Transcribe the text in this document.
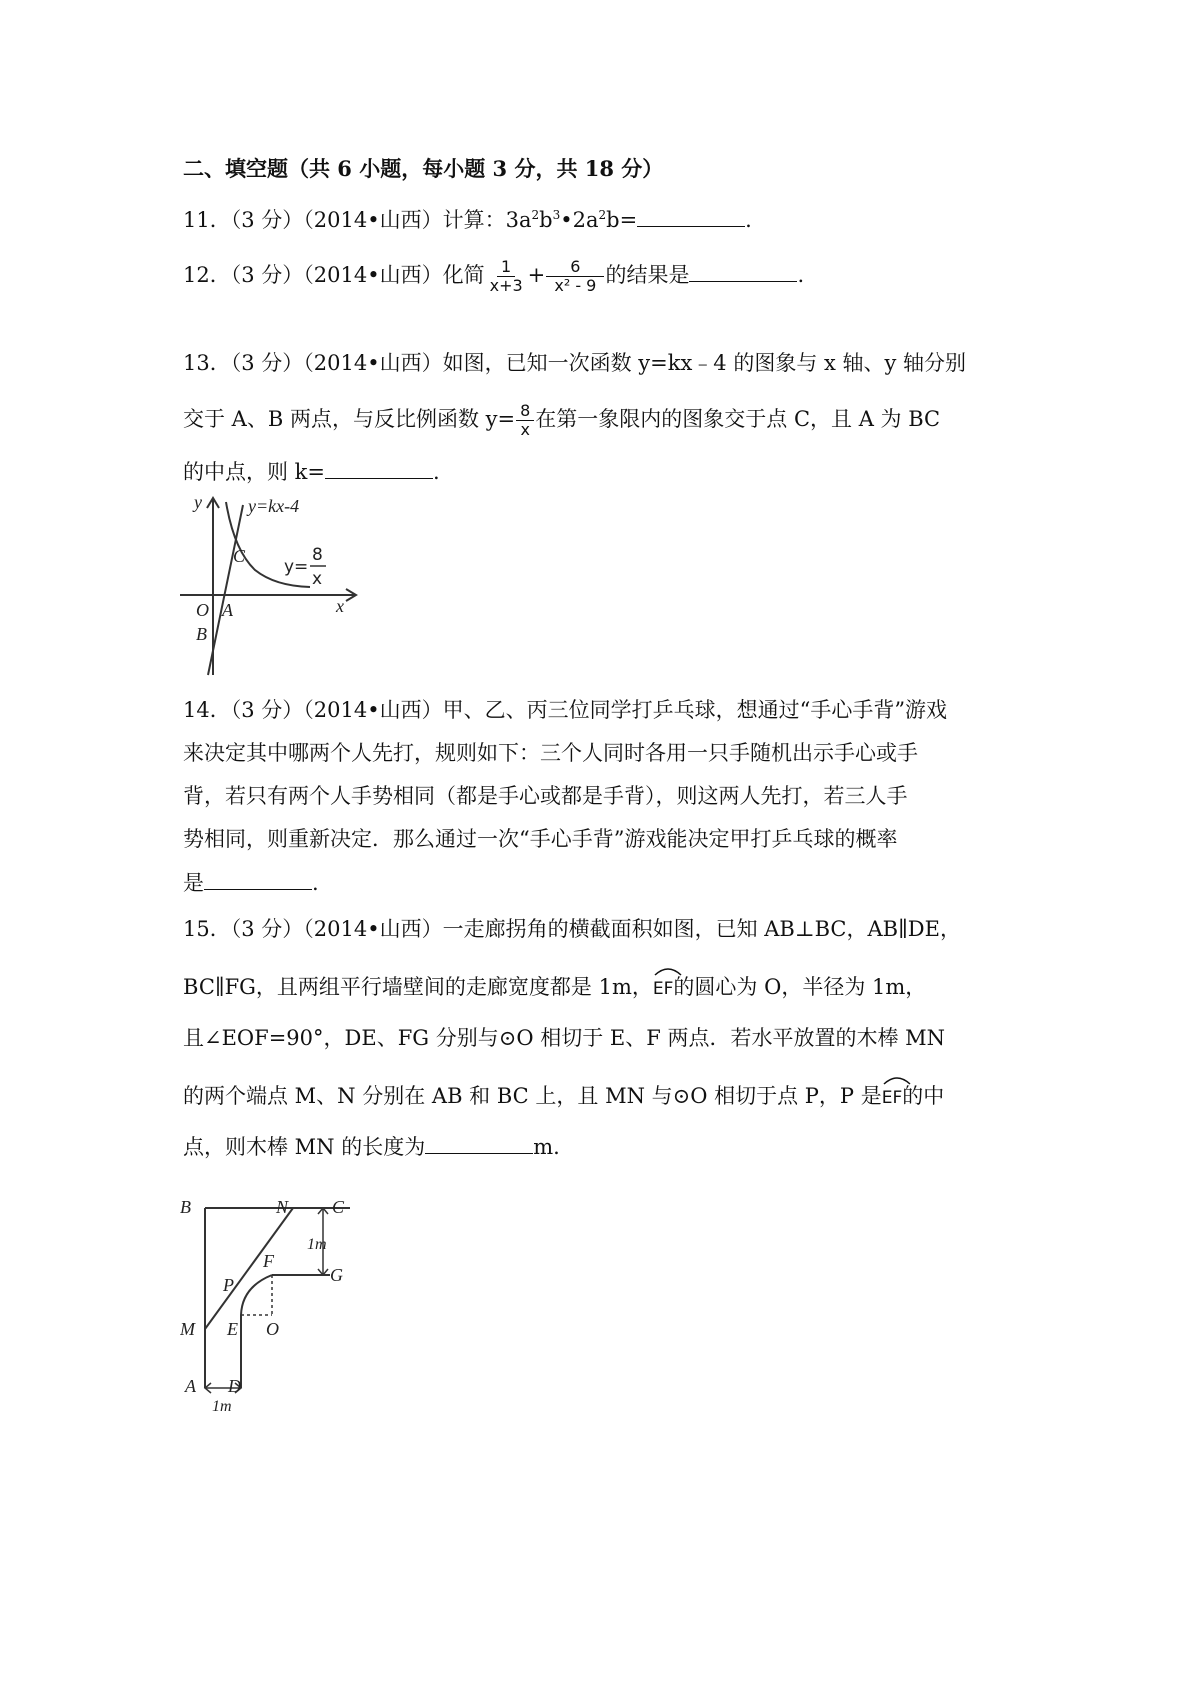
二、填空题（共 6 小题，每小题 3 分，共 18 分）
11．（3 分）（2014•山西）计算：$3a^2b^3•2a^2b=$	.
12．（3 分）（2014•山西）化简 $\frac{1}{x+3} + \frac{6}{\text{x² - 9}}$ 的结果是	.
13．（3 分）（2014•山西）如图，已知一次函数 y=kx﹣4 的图象与 x 轴、y 轴分别
交于 A、B 两点，与反比例函数 $y= \frac{8}{x}$ 在第一象限内的图象交于点 C，且 A 为 BC
的中点，则 k=	.
y
x
y=kx-4
C
O A
B
y=
8
x
14．（3 分）（2014•山西）甲、乙、丙三位同学打乒乓球，想通过“手心手背”游戏
来决定其中哪两个人先打，规则如下：三个人同时各用一只手随机出示手心或手
背，若只有两个人手势相同（都是手心或都是手背），则这两人先打，若三人手
势相同，则重新决定．那么通过一次“手心手背”游戏能决定甲打乒乓球的概率
是	.
15．（3 分）（2014•山西）一走廊拐角的横截面积如图，已知 AB⊥BC，AB∥DE，
BC∥FG，且两组平行墙壁间的走廊宽度都是 1m，
EF的圆心为 O，半径为 1m，
且∠EOF=90°，DE、FG 分别与⊙O 相切于 E、F 两点．若水平放置的木棒 MN
的两个端点 M、N 分别在 AB 和 BC 上，且 MN 与⊙O 相切于点 P，P 是
EF的中
点，则木棒 MN 的长度为	m.
B	N C
1m
F
G
P
E O
M
A D
1m
